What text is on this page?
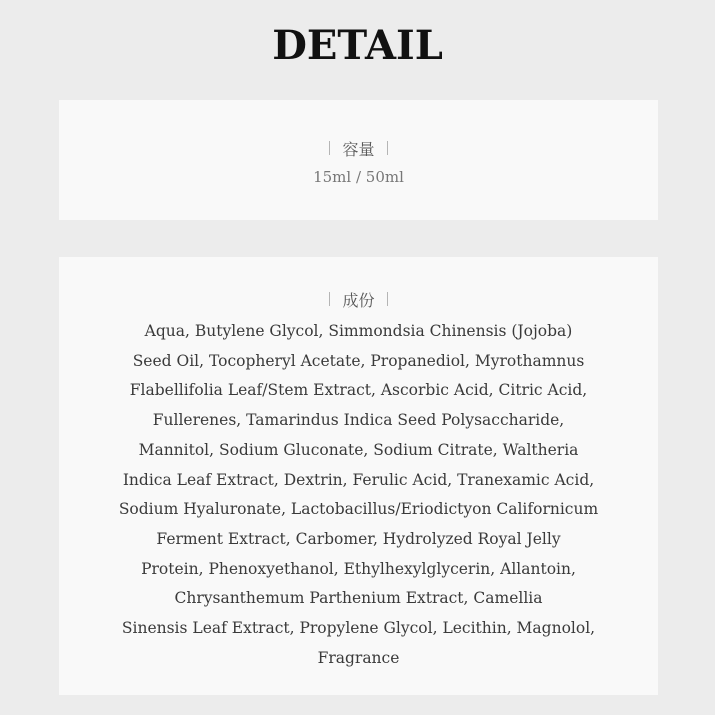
DETAIL
容量
15ml / 50ml
成份
Aqua, Butylene Glycol, Simmondsia Chinensis (Jojoba)
Seed Oil, Tocopheryl Acetate, Propanediol, Myrothamnus
Flabellifolia Leaf/Stem Extract, Ascorbic Acid, Citric Acid,
Fullerenes, Tamarindus Indica Seed Polysaccharide,
Mannitol, Sodium Gluconate, Sodium Citrate, Waltheria
Indica Leaf Extract, Dextrin, Ferulic Acid, Tranexamic Acid,
Sodium Hyaluronate, Lactobacillus/Eriodictyon Californicum
Ferment Extract, Carbomer, Hydrolyzed Royal Jelly
Protein, Phenoxyethanol, Ethylhexylglycerin, Allantoin,
Chrysanthemum Parthenium Extract, Camellia
Sinensis Leaf Extract, Propylene Glycol, Lecithin, Magnolol,
Fragrance
